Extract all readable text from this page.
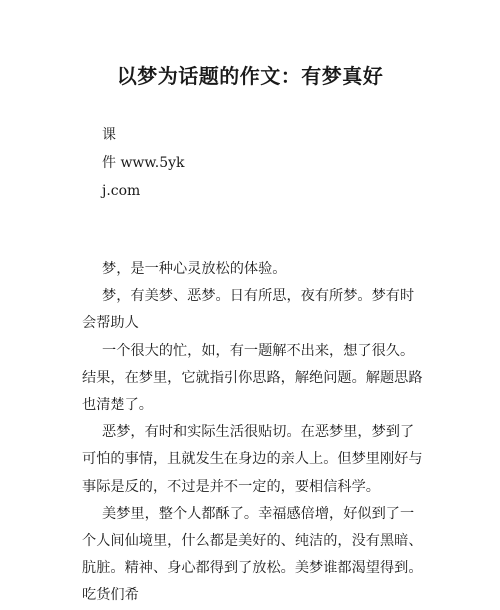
以梦为话题的作文：有梦真好
课
件 www.5yk
j.com

梦，是一种心灵放松的体验。

梦，有美梦、恶梦。日有所思，夜有所梦。梦有时会帮助人

一个很大的忙，如，有一题解不出来，想了很久。结果，在梦里，它就指引你思路，解绝问题。解题思路也清楚了。

恶梦，有时和实际生活很贴切。在恶梦里，梦到了可怕的事情，且就发生在身边的亲人上。但梦里刚好与事际是反的，不过是并不一定的，要相信科学。

美梦里，整个人都酥了。幸福感倍增，好似到了一个人间仙境里，什么都是美好的、纯洁的，没有黑暗、肮脏。精神、身心都得到了放松。美梦谁都渴望得到。吃货们希
